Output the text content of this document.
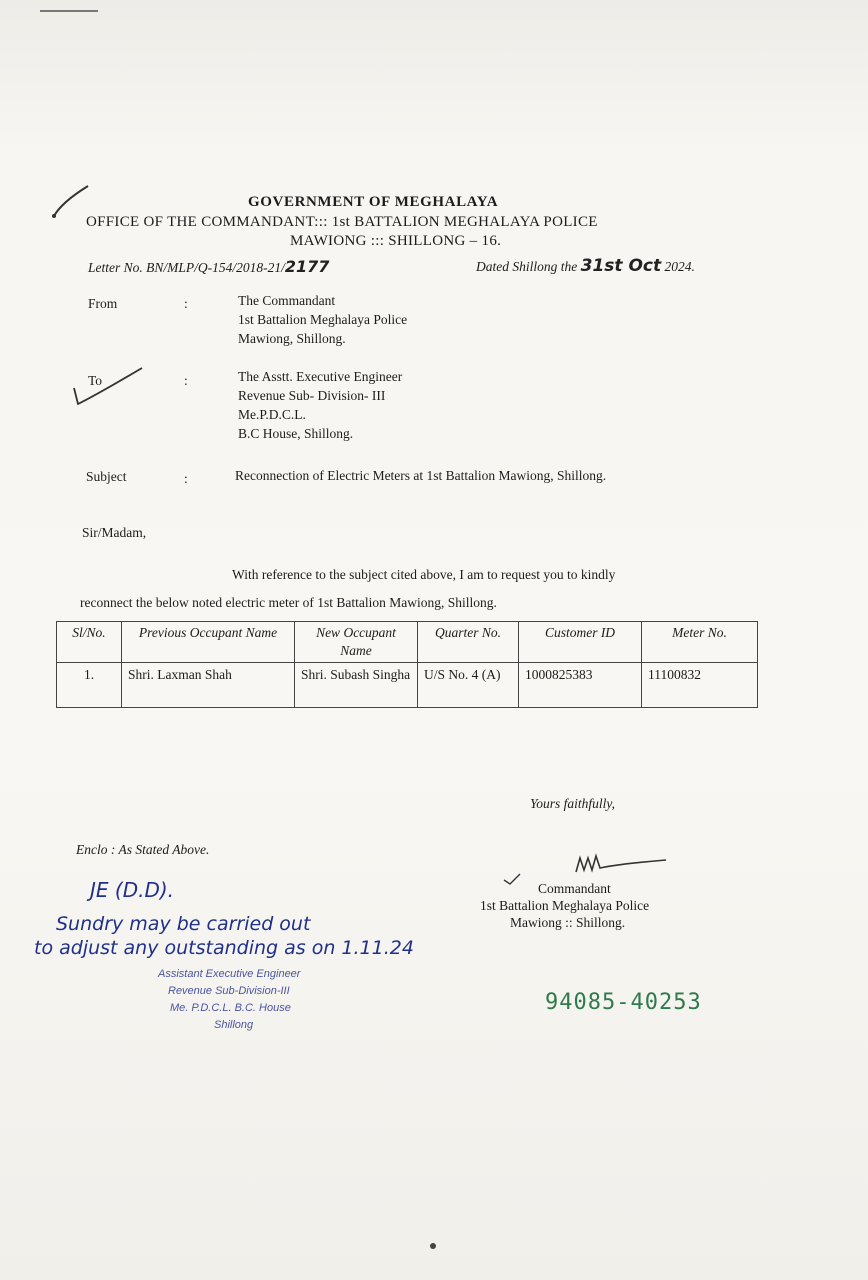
GOVERNMENT OF MEGHALAYA
OFFICE OF THE COMMANDANT::: 1st BATTALION MEGHALAYA POLICE
MAWIONG ::: SHILLONG – 16.
Letter No. BN/MLP/Q-154/2018-21/2177	Dated Shillong the 31st Oct 2024.
From	:	The Commandant
1st Battalion Meghalaya Police
Mawiong, Shillong.
To	:	The Asstt. Executive Engineer
Revenue Sub- Division- III
Me.P.D.C.L.
B.C House, Shillong.
Subject	:	Reconnection of Electric Meters at 1st Battalion Mawiong, Shillong.
Sir/Madam,
With reference to the subject cited above, I am to request you to kindly
reconnect the below noted electric meter of 1st Battalion Mawiong, Shillong.
Sl/No.	Previous Occupant Name	New Occupant Name	Quarter No.	Customer ID	Meter No.
1.	Shri. Laxman Shah	Shri. Subash Singha	U/S No. 4 (A)	1000825383	11100832
Yours faithfully,
Enclo : As Stated Above.
Commandant
1st Battalion Meghalaya Police
Mawiong :: Shillong.
JE (D.D).
Sundry may be carried out
to adjust any outstanding as on 1.11.24
Assistant Executive Engineer
Revenue Sub-Division-III
Me. P.D.C.L. B.C. House
Shillong
94085-40253
